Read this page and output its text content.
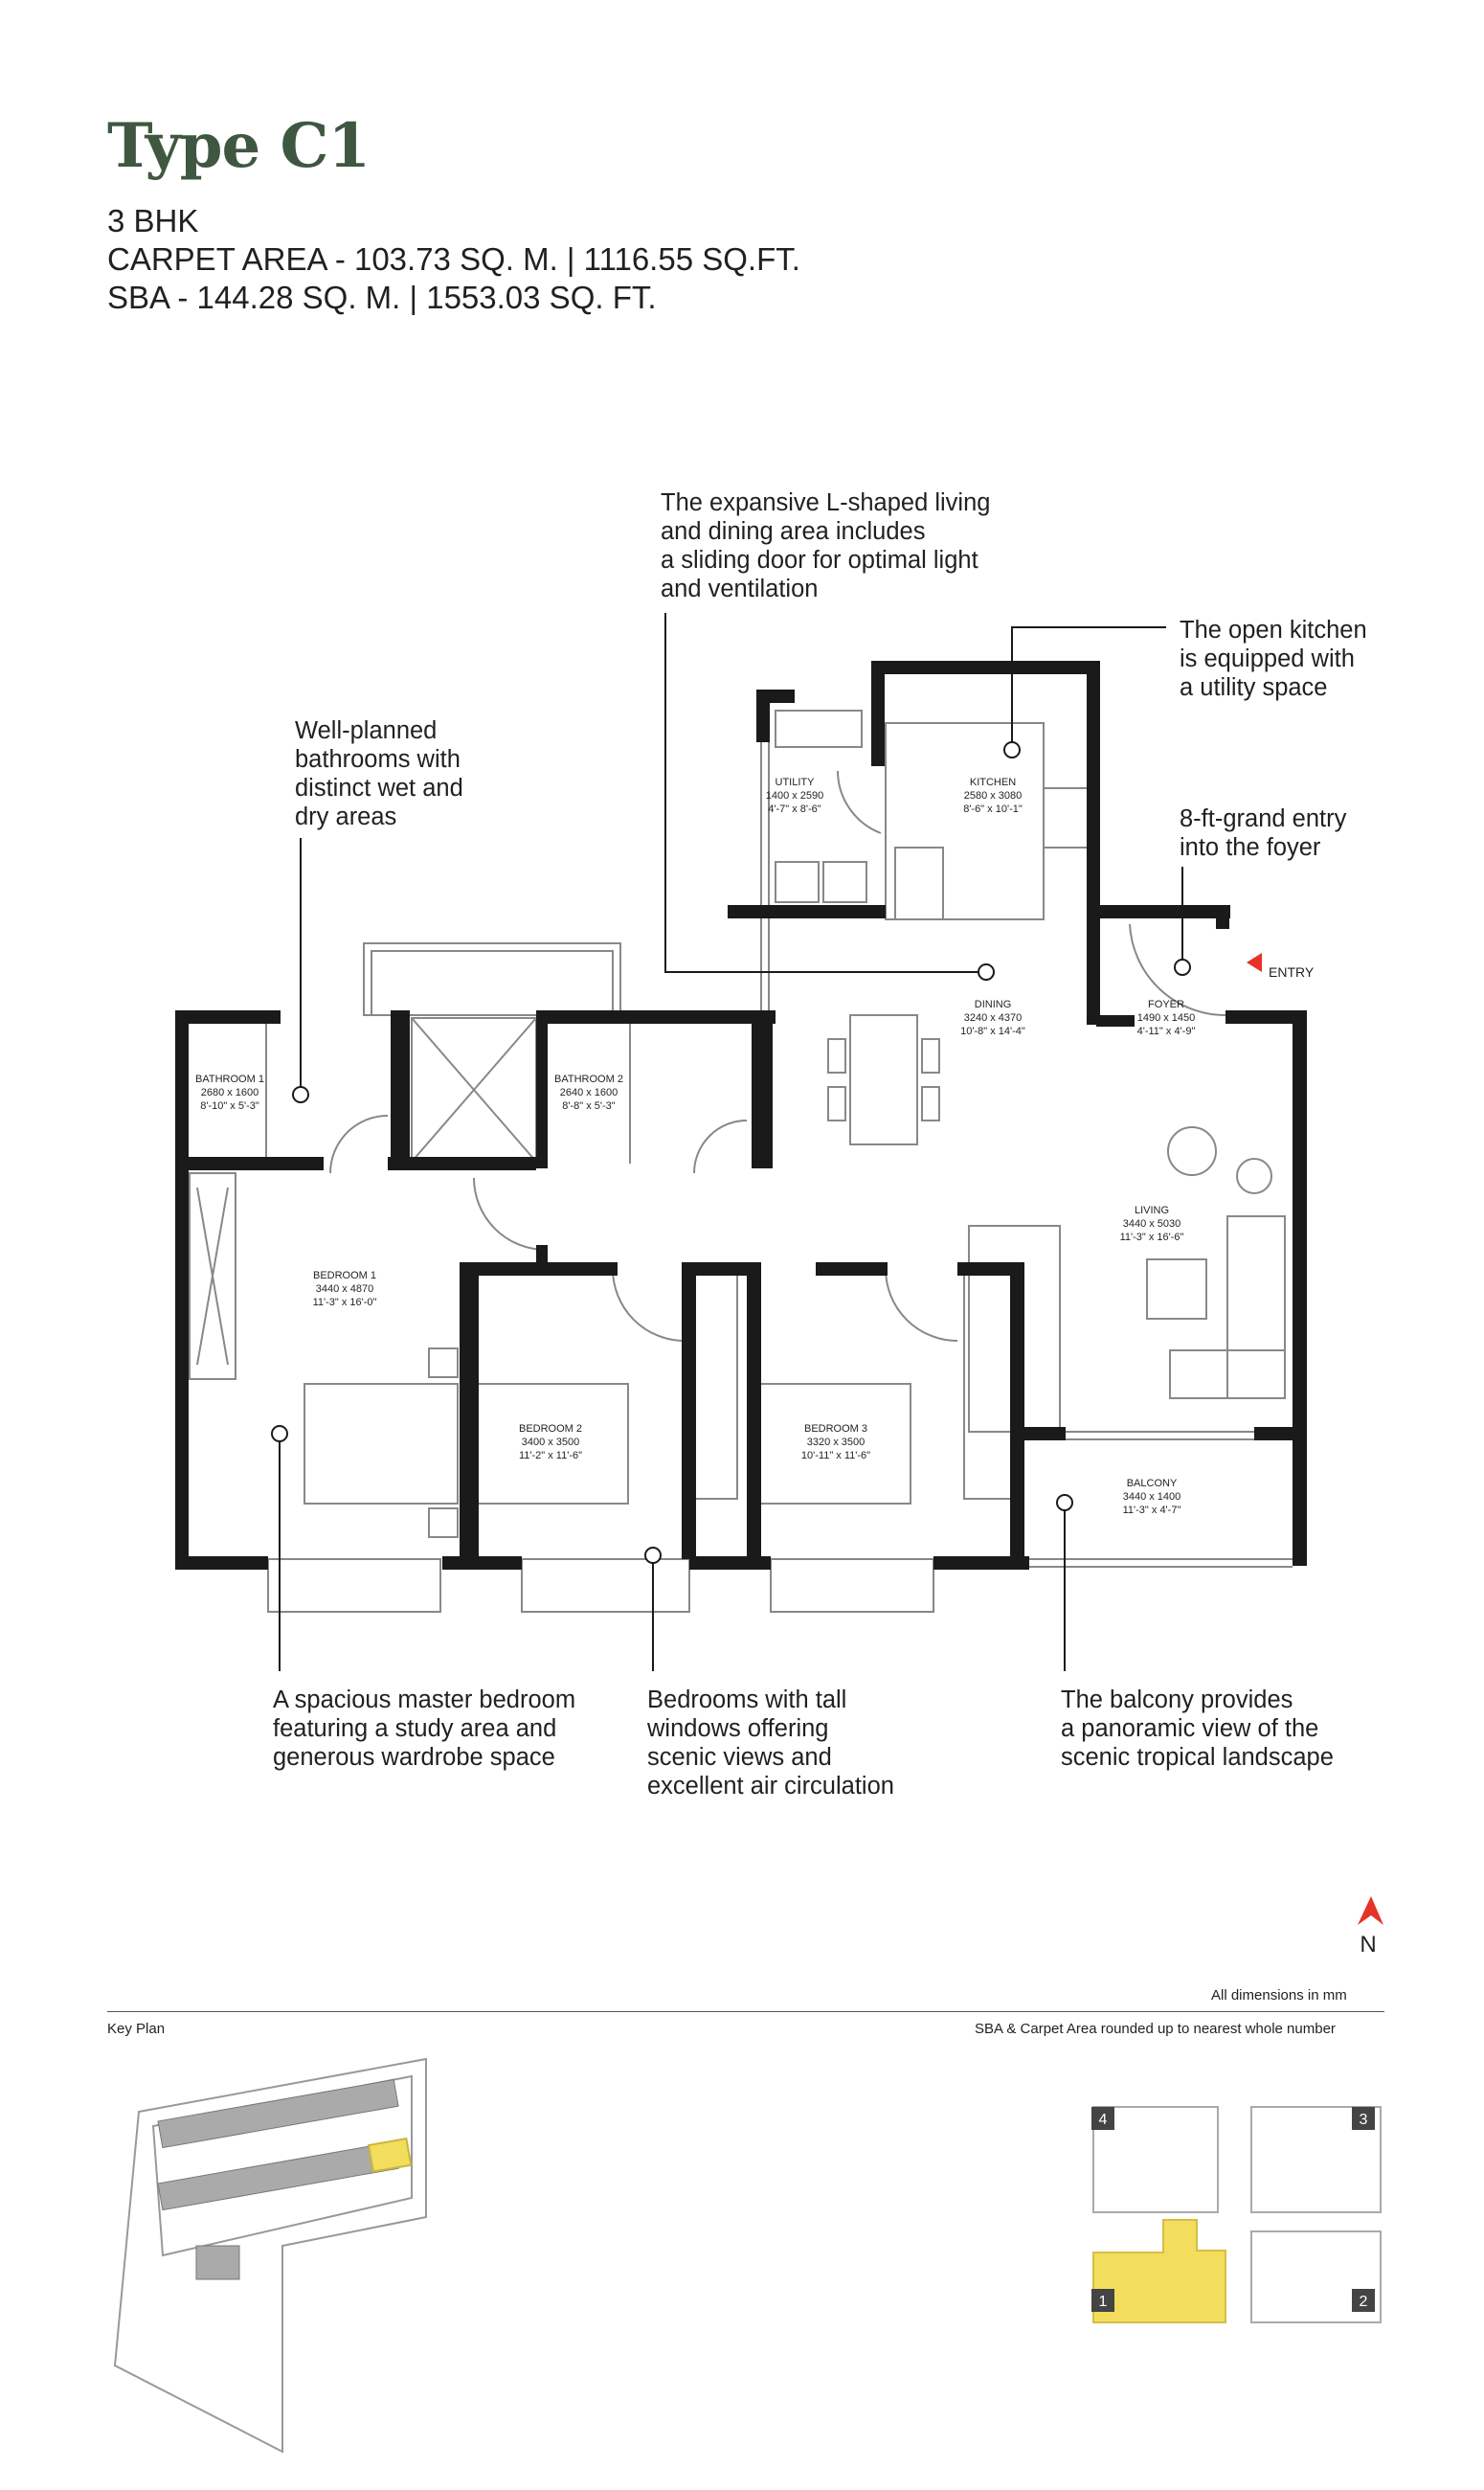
Type C1
3 BHK
CARPET AREA - 103.73 SQ. M. | 1116.55 SQ.FT.
SBA - 144.28 SQ. M. | 1553.03 SQ. FT.
The expansive L-shaped living
and dining area includes
a sliding door for optimal light
and ventilation
The open kitchen
is equipped with
a utility space
Well-planned
bathrooms with
distinct wet and
dry areas	8-ft-grand entry
into the foyer
A spacious master bedroom
featuring a study area and
generous wardrobe space
Bedrooms with tall
windows offering
scenic views and
excellent air circulation
The balcony provides
a panoramic view of the
scenic tropical landscape
UTILITY
1400 x 2590
4'-7" x 8'-6"
KITCHEN
2580 x 3080
8'-6" x 10'-1"
DINING
3240 x 4370
10'-8" x 14'-4"
FOYER
1490 x 1450
4'-11" x 4'-9"
BATHROOM 1
2680 x 1600
8'-10" x 5'-3"
BATHROOM 2
2640 x 1600
8'-8" x 5'-3"
BEDROOM 1
3440 x 4870
11'-3" x 16'-0"
BEDROOM 2
3400 x 3500
11'-2" x 11'-6"
BEDROOM 3
3320 x 3500
10'-11" x 11'-6"
LIVING
3440 x 5030
11'-3" x 16'-6"
BALCONY
3440 x 1400
11'-3" x 4'-7"
ENTRY
N
1	2
3
4
All dimensions in mm
Key Plan	SBA & Carpet Area rounded up to nearest whole number
